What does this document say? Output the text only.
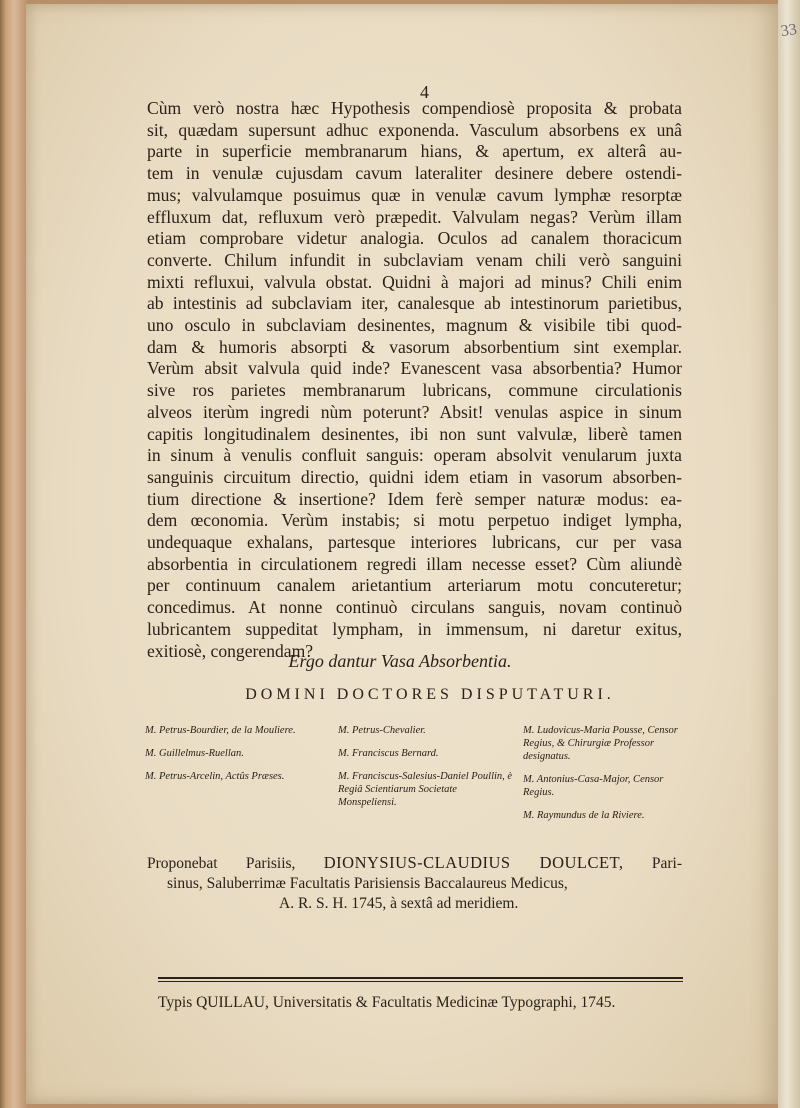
33
4
Cùm verò nostra hæc Hypothesis compendiosè proposita & probata
sit, quædam supersunt adhuc exponenda. Vasculum absorbens ex unâ
parte in superficie membranarum hians, & apertum, ex alterâ au-
tem in venulæ cujusdam cavum lateraliter desinere debere ostendi-
mus; valvulamque posuimus quæ in venulæ cavum lymphæ resorptæ
effluxum dat, refluxum verò præpedit. Valvulam negas? Verùm illam
etiam comprobare videtur analogia. Oculos ad canalem thoracicum
converte. Chilum infundit in subclaviam venam chili verò sanguini
mixti refluxui, valvula obstat. Quidni à majori ad minus? Chili enim
ab intestinis ad subclaviam iter, canalesque ab intestinorum parietibus,
uno osculo in subclaviam desinentes, magnum & visibile tibi quod-
dam & humoris absorpti & vasorum absorbentium sint exemplar.
Verùm absit valvula quid inde? Evanescent vasa absorbentia? Humor
sive ros parietes membranarum lubricans, commune circulationis
alveos iterùm ingredi nùm poterunt? Absit! venulas aspice in sinum
capitis longitudinalem desinentes, ibi non sunt valvulæ, liberè tamen
in sinum à venulis confluit sanguis: operam absolvit venularum juxta
sanguinis circuitum directio, quidni idem etiam in vasorum absorben-
tium directione & insertione? Idem ferè semper naturæ modus: ea-
dem œconomia. Verùm instabis; si motu perpetuo indiget lympha,
undequaque exhalans, partesque interiores lubricans, cur per vasa
absorbentia in circulationem regredi illam necesse esset? Cùm aliundè
per continuum canalem arietantium arteriarum motu concuteretur;
concedimus. At nonne continuò circulans sanguis, novam continuò
lubricantem suppeditat lympham, in immensum, ni daretur exitus,
exitiosè, congerendam?
Ergo dantur Vasa Absorbentia.
DOMINI DOCTORES DISPUTATURI.
M. Petrus-Bourdier, de la Mouliere.
M. Guillelmus-Ruellan.
M. Petrus-Arcelin, Actûs Præses.
M. Petrus-Chevalier.
M. Franciscus Bernard.
M. Franciscus-Salesius-Daniel Poullin, è Regiâ Scientiarum Societate Monspeliensi.
M. Ludovicus-Maria Pousse, Censor Regius, & Chirurgiæ Professor designatus.
M. Antonius-Casa-Major, Censor Regius.
M. Raymundus de la Riviere.
Proponebat Parisiis, DIONYSIUS-CLAUDIUS DOULCET, Pari-
sinus, Saluberrimæ Facultatis Parisiensis Baccalaureus Medicus,
A. R. S. H. 1745, à sextâ ad meridiem.
Typis QUILLAU, Universitatis & Facultatis Medicinæ Typographi, 1745.
